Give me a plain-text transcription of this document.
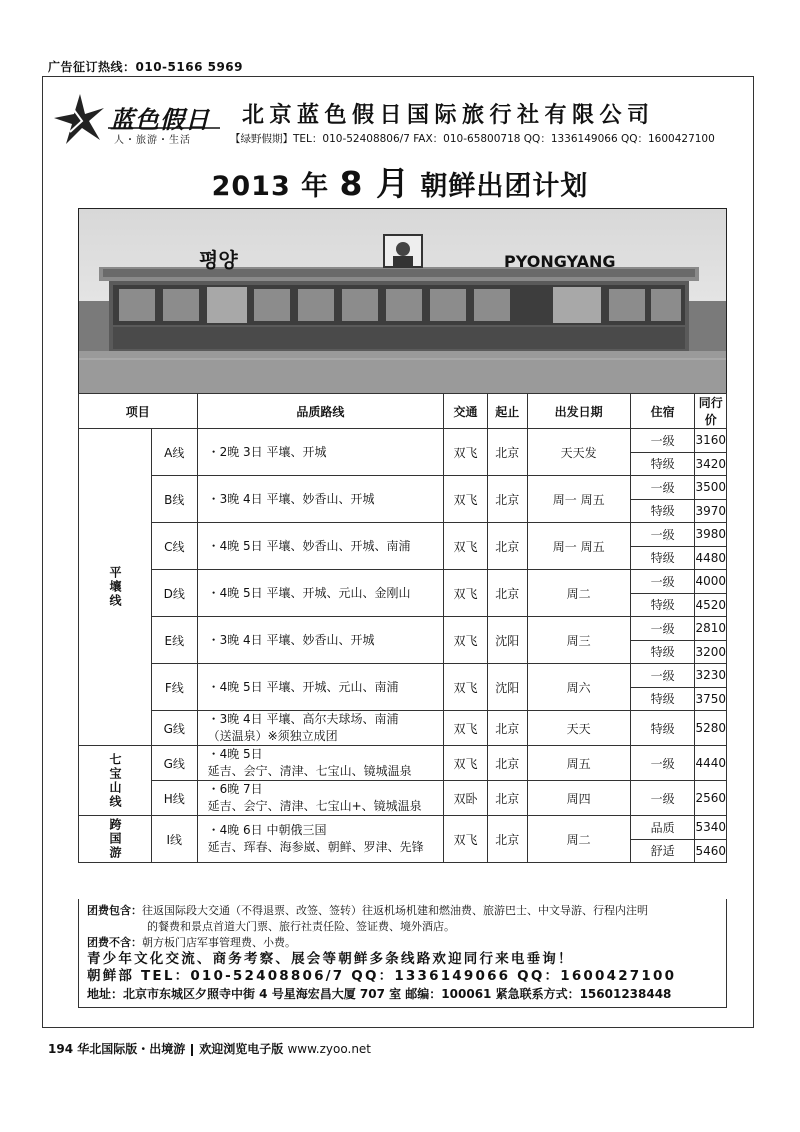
广告征订热线：010-5166 5969
蓝色假日
人・旅游・生活
北京蓝色假日国际旅行社有限公司
【绿野假期】TEL：010-52408806/7 FAX：010-65800718 QQ：1336149066 QQ：1600427100
2013 年 8 月 朝鲜出团计划
평양	PYONGYANG
项目		品质路线	交通	起止	出发日期	住宿	同行价
平壤线	A线	・2晚 3日 平壤、开城	双飞	北京	天天发	一级	3160
						特级	3420
	B线	・3晚 4日 平壤、妙香山、开城	双飞	北京	周一 周五	一级	3500
						特级	3970
	C线	・4晚 5日 平壤、妙香山、开城、南浦	双飞	北京	周一 周五	一级	3980
						特级	4480
	D线	・4晚 5日 平壤、开城、元山、金刚山	双飞	北京	周二	一级	4000
						特级	4520
	E线	・3晚 4日 平壤、妙香山、开城	双飞	沈阳	周三	一级	2810
						特级	3200
	F线	・4晚 5日 平壤、开城、元山、南浦	双飞	沈阳	周六	一级	3230
						特级	3750
	G线	・3晚 4日 平壤、高尔夫球场、南浦
（送温泉）※须独立成团	双飞	北京	天天	特级	5280

七宝山线	G线	・4晚 5日
延吉、会宁、清津、七宝山、镜城温泉	双飞	北京	周五	一级	4440

	H线	・6晚 7日
延吉、会宁、清津、七宝山+、镜城温泉	双卧	北京	周四	一级	2560

跨国游	I线	・4晚 6日 中朝俄三国
延吉、珲春、海参崴、朝鲜、罗津、先锋	双飞	北京	周二	品质	5340
						舒适	5460
团费包含：往返国际段大交通（不得退票、改签、签转）往返机场机建和燃油费、旅游巴士、中文导游、行程内注明
的餐费和景点首道大门票、旅行社责任险、签证费、境外酒店。
团费不含：朝方板门店军事管理费、小费。
青少年文化交流、商务考察、展会等朝鲜多条线路欢迎同行来电垂询！
朝鲜部 TEL：010-52408806/7 QQ：1336149066 QQ：1600427100
地址：北京市东城区夕照寺中街 4 号星海宏昌大厦 707 室 邮编：100061 紧急联系方式：15601238448
194 华北国际版・出境游 欢迎浏览电子版 www.zyoo.net
